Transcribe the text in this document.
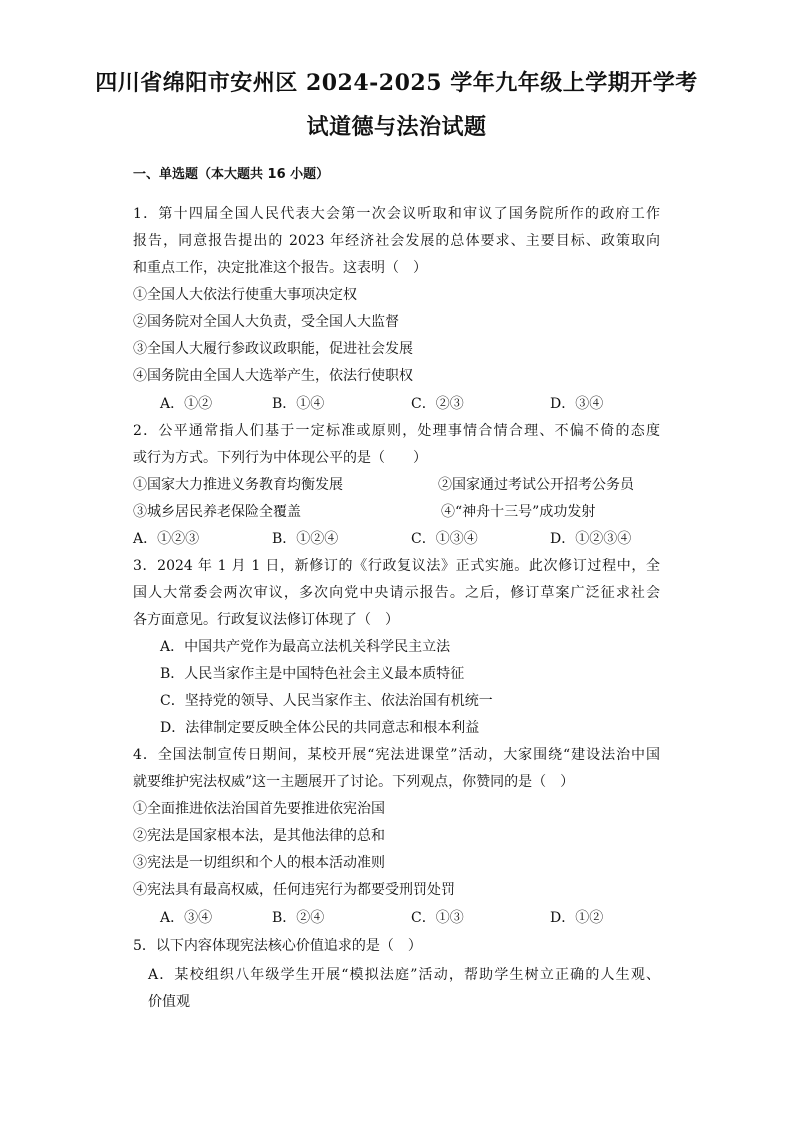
四川省绵阳市安州区 2024-2025 学年九年级上学期开学考
试道德与法治试题
一、单选题（本大题共 16 小题）
1．第十四届全国人民代表大会第一次会议听取和审议了国务院所作的政府工作
报告，同意报告提出的 2023 年经济社会发展的总体要求、主要目标、政策取向
和重点工作，决定批准这个报告。这表明（　）
①全国人大依法行使重大事项决定权
②国务院对全国人大负责，受全国人大监督
③全国人大履行参政议政职能，促进社会发展
④国务院由全国人大选举产生，依法行使职权
A．①②	B．①④	C．②③	D．③④
2．公平通常指人们基于一定标准或原则，处理事情合情合理、不偏不倚的态度
或行为方式。下列行为中体现公平的是（　　）
①国家大力推进义务教育均衡发展	②国家通过考试公开招考公务员
③城乡居民养老保险全覆盖	④“神舟十三号”成功发射
A．①②③	B．①②④	C．①③④	D．①②③④
3．2024 年 1 月 1 日，新修订的《行政复议法》正式实施。此次修订过程中，全
国人大常委会两次审议，多次向党中央请示报告。之后，修订草案广泛征求社会
各方面意见。行政复议法修订体现了（　）
A．中国共产党作为最高立法机关科学民主立法
B．人民当家作主是中国特色社会主义最本质特征
C．坚持党的领导、人民当家作主、依法治国有机统一
D．法律制定要反映全体公民的共同意志和根本利益
4．全国法制宣传日期间，某校开展“宪法进课堂”活动，大家围绕“建设法治中国
就要维护宪法权威”这一主题展开了讨论。下列观点，你赞同的是（　）
①全面推进依法治国首先要推进依宪治国
②宪法是国家根本法，是其他法律的总和
③宪法是一切组织和个人的根本活动准则
④宪法具有最高权威，任何违宪行为都要受刑罚处罚
A．③④	B．②④	C．①③	D．①②
5．以下内容体现宪法核心价值追求的是（　）
A．某校组织八年级学生开展“模拟法庭”活动，帮助学生树立正确的人生观、
价值观
